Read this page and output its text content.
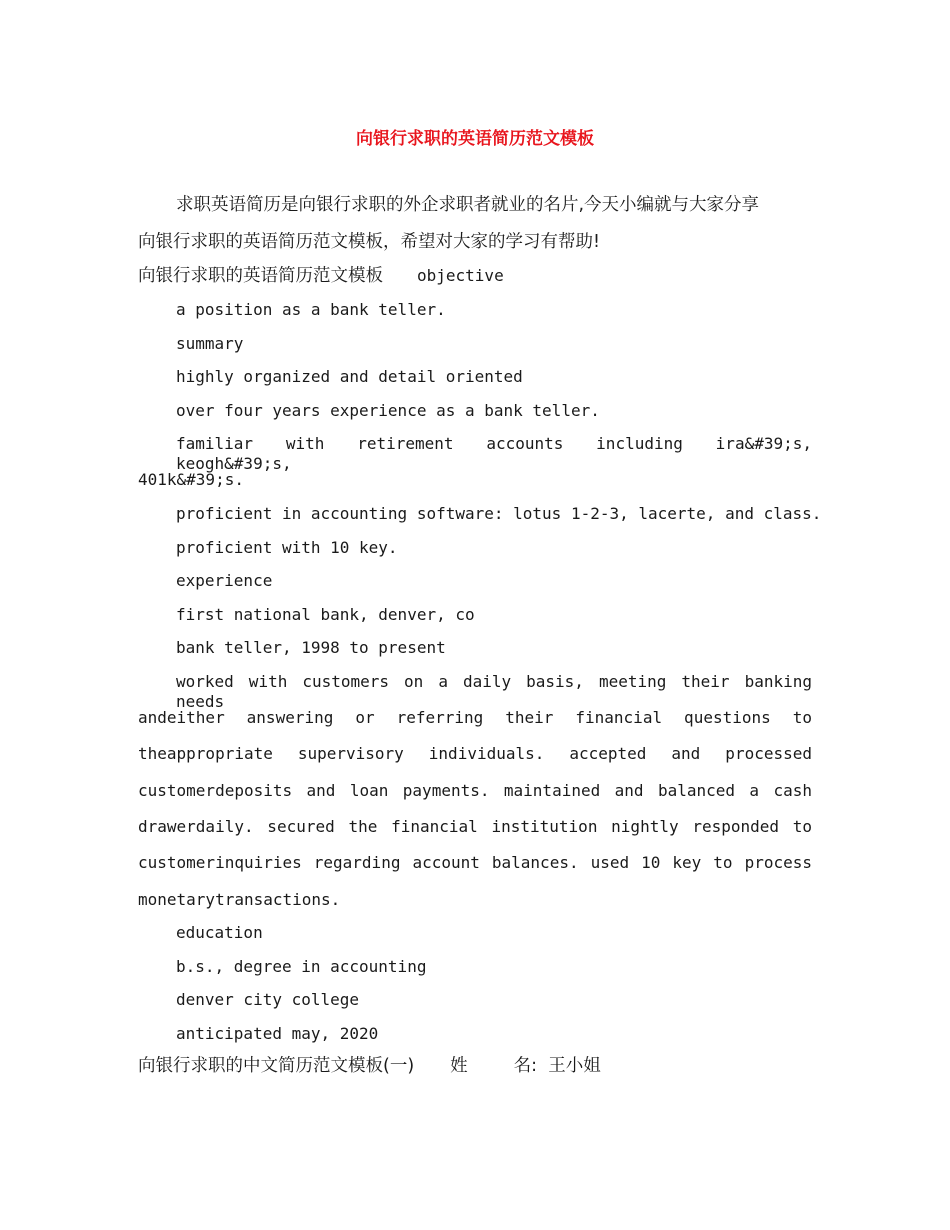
向银行求职的英语简历范文模板
求职英语简历是向银行求职的外企求职者就业的名片,今天小编就与大家分享
向银行求职的英语简历范文模板，希望对大家的学习有帮助!
向银行求职的英语简历范文模板 objective
a position as a bank teller.
summary
highly organized and detail oriented
over four years experience as a bank teller.
familiar with retirement accounts including ira&#39;s, keogh&#39;s,
401k&#39;s.
proficient in accounting software: lotus 1-2-3, lacerte, and class.
proficient with 10 key.
experience
first national bank, denver, co
bank teller, 1998 to present
worked with customers on a daily basis, meeting their banking needs
andeither answering or referring their financial questions to
theappropriate supervisory individuals. accepted and processed
customerdeposits and loan payments. maintained and balanced a cash
drawerdaily. secured the financial institution nightly responded to
customerinquiries regarding account balances. used 10 key to process
monetarytransactions.
education
b.s., degree in accounting
denver city college
anticipated may, 2020
向银行求职的中文简历范文模板(一) 姓	名: 王小姐
